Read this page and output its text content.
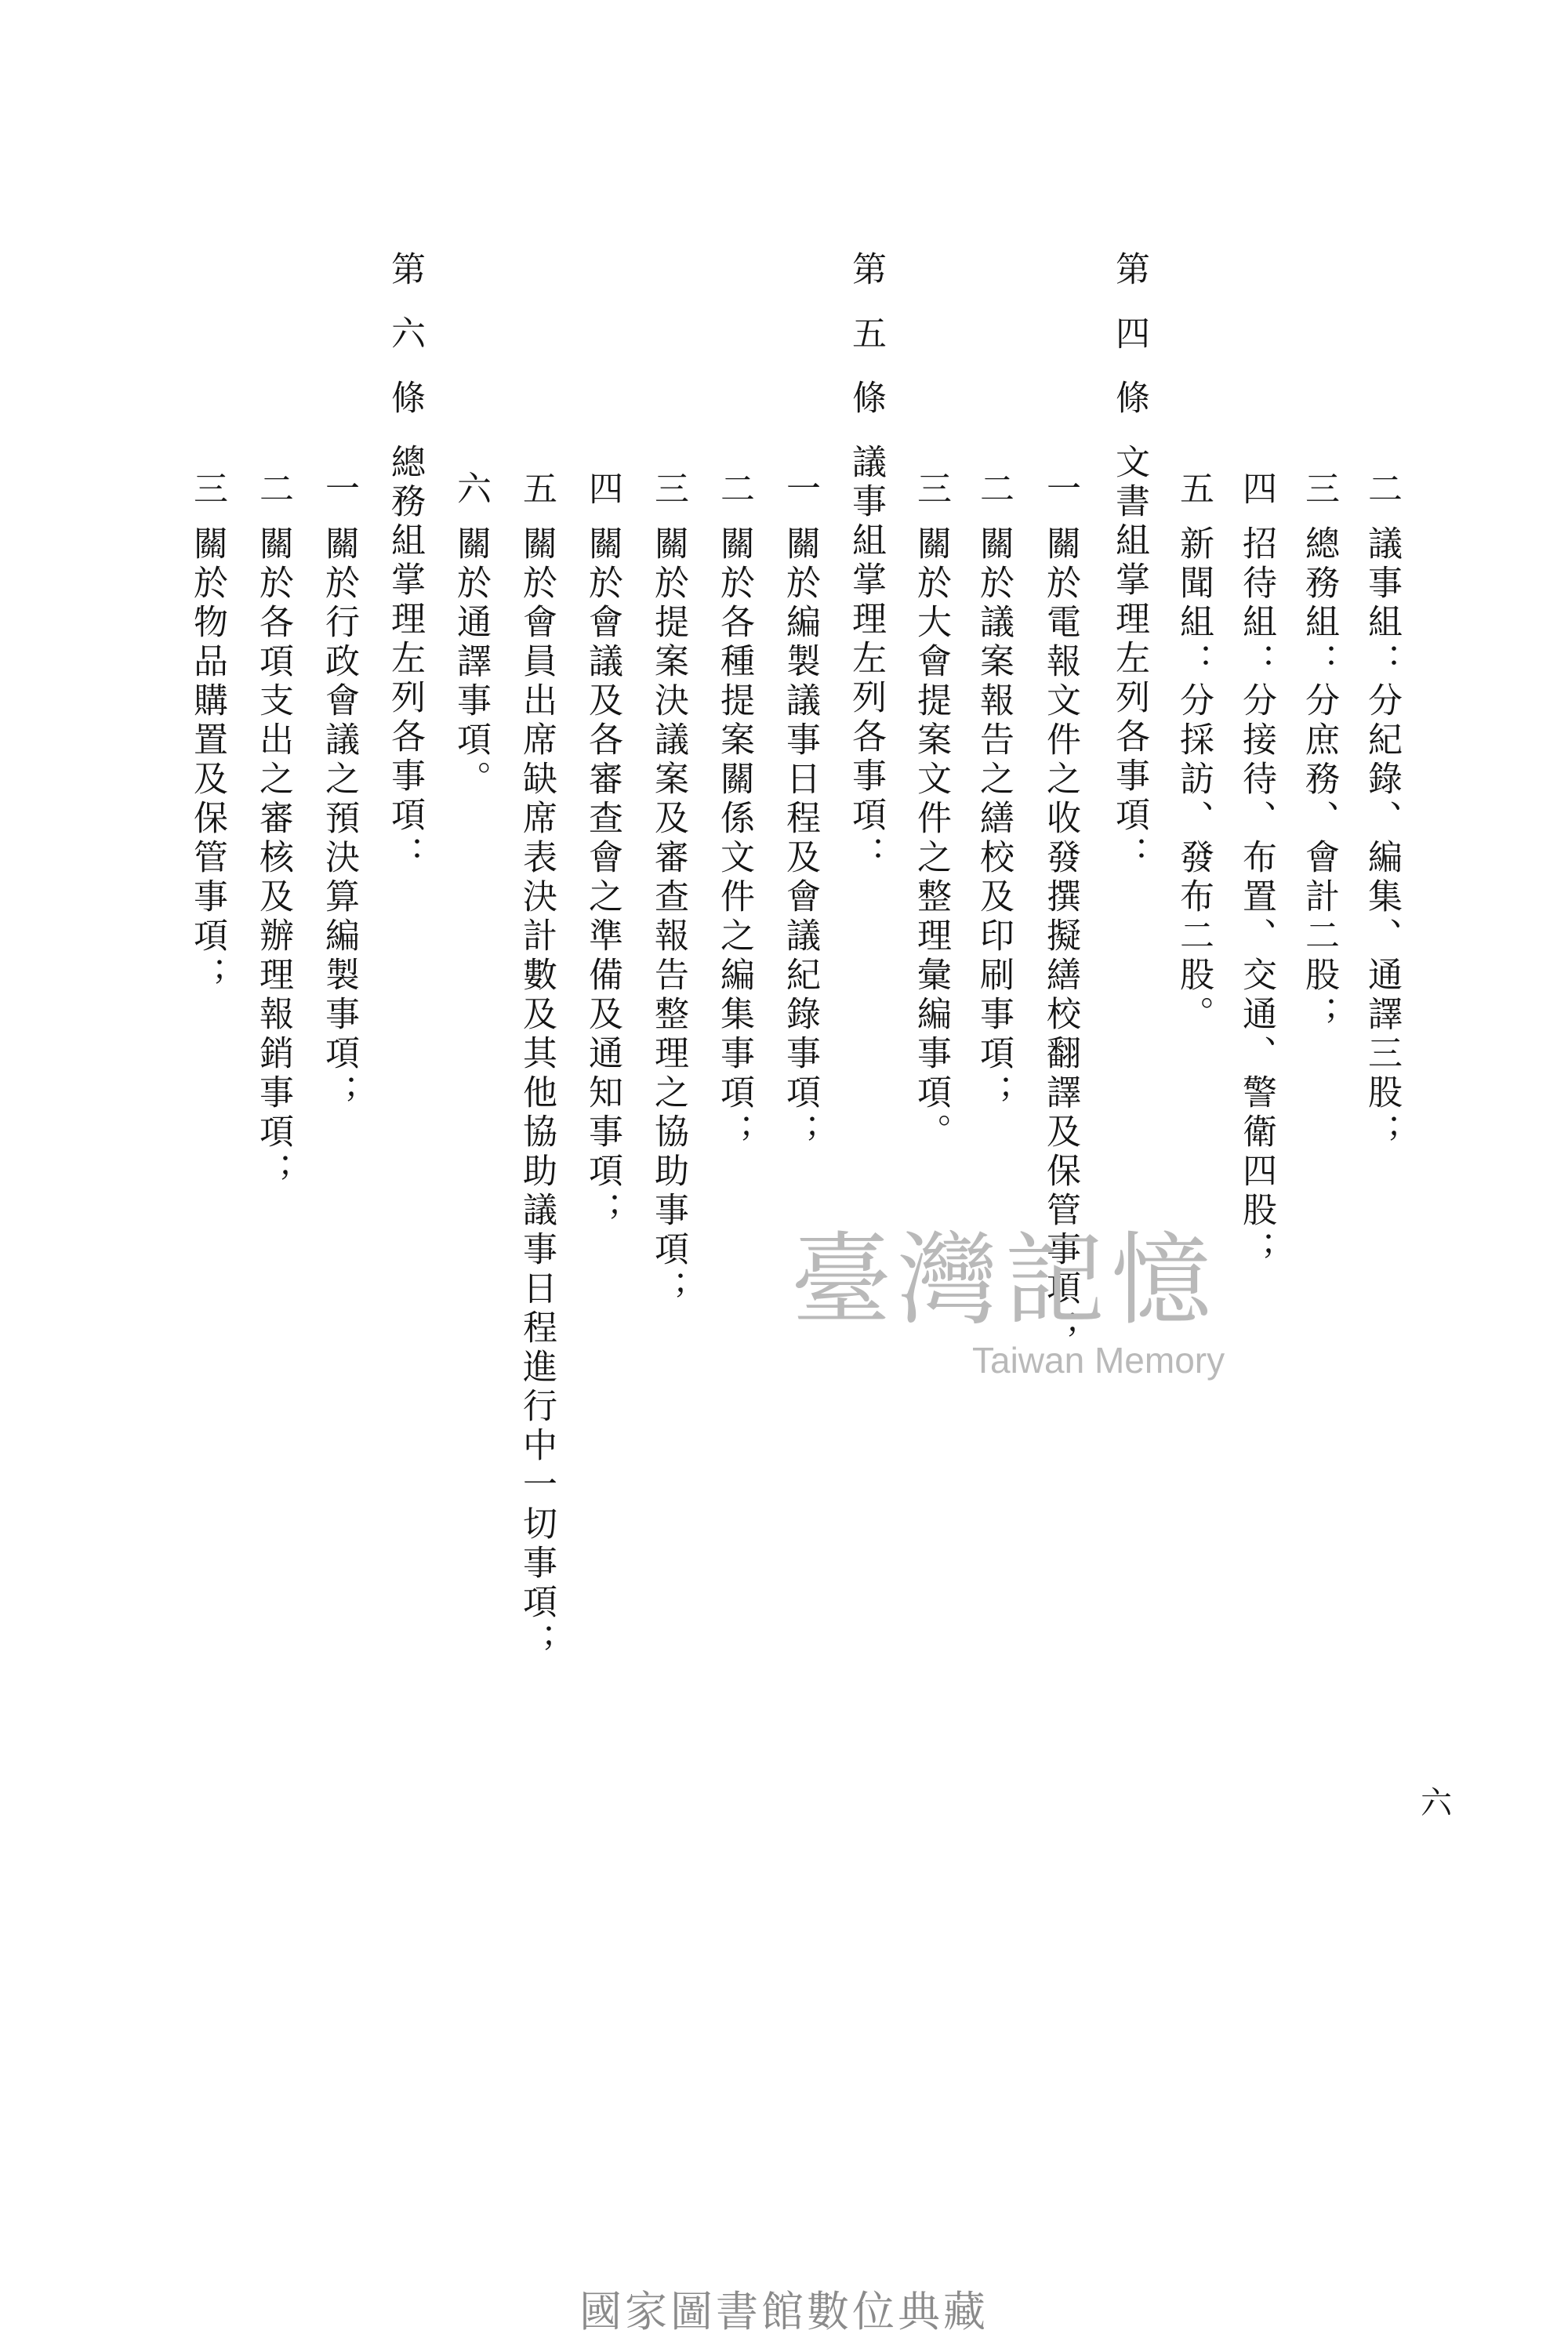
二議事組：分紀錄、編集、通譯三股；
三總務組：分庶務、會計二股；
四招待組：分接待、布置、交通、警衛四股；
五新聞組：分採訪、發布二股。
第四條文書組掌理左列各事項：
一關於電報文件之收發撰擬繕校翻譯及保管事項；
二關於議案報告之繕校及印刷事項；
三關於大會提案文件之整理彙編事項。
第五條議事組掌理左列各事項：
一關於編製議事日程及會議紀錄事項；
二關於各種提案關係文件之編集事項；
三關於提案決議案及審查報告整理之協助事項；
四關於會議及各審查會之準備及通知事項；
五關於會員出席缺席表決計數及其他協助議事日程進行中一切事項；
六關於通譯事項。
第六條總務組掌理左列各事項：
一關於行政會議之預決算編製事項；
二關於各項支出之審核及辦理報銷事項；
三關於物品購置及保管事項；
臺灣記憶
Taiwan Memory
六
國家圖書館數位典藏
